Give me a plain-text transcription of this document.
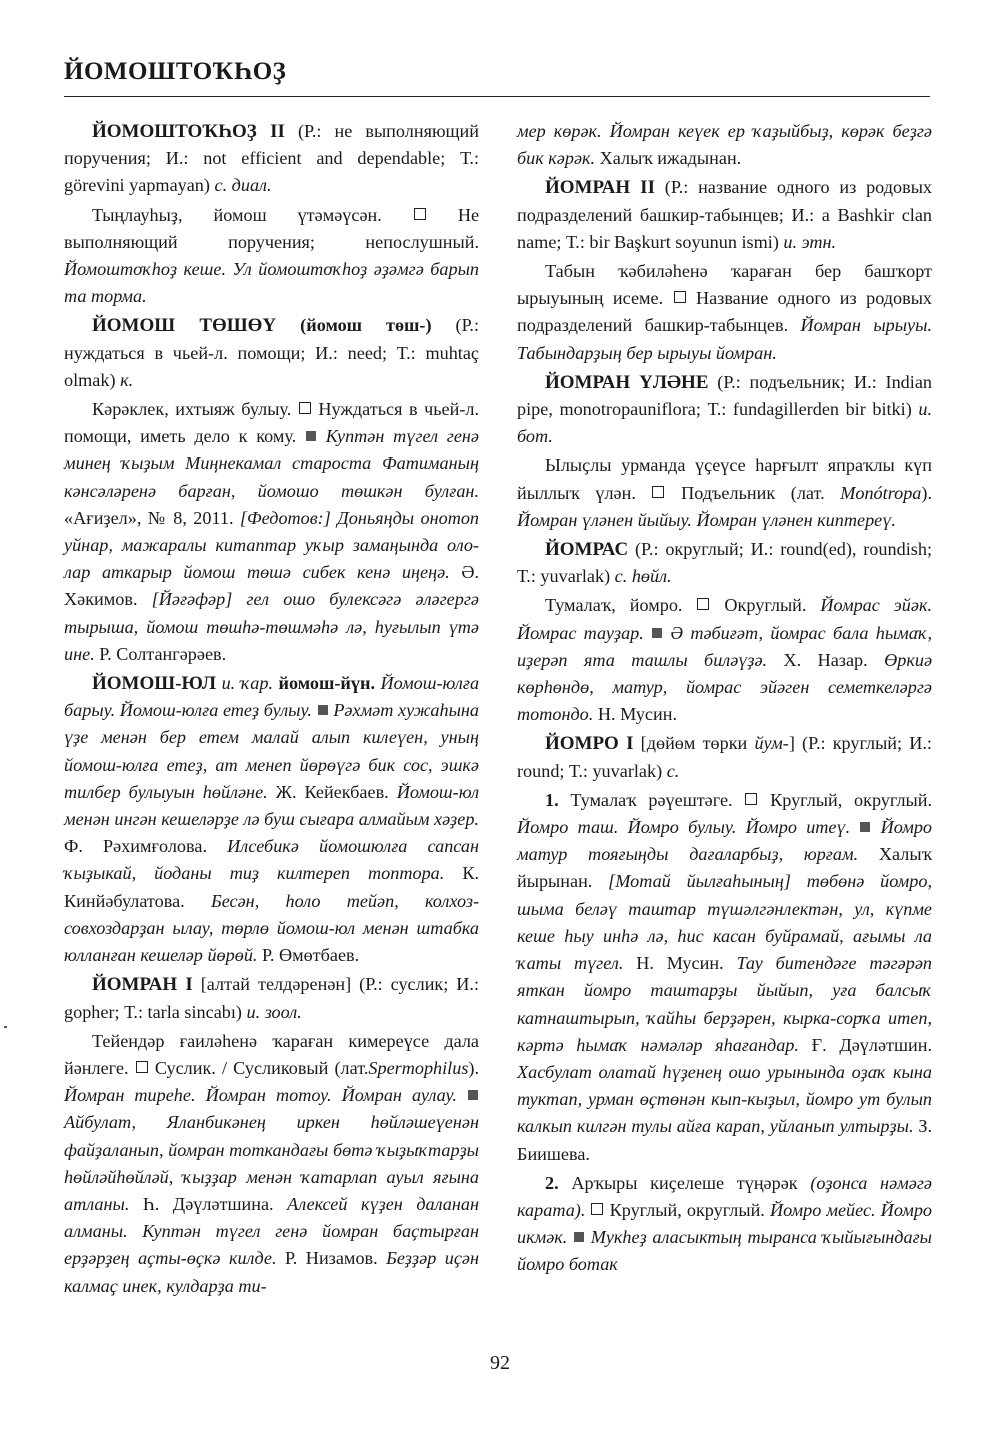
ЙОМОШТОҠҺОҘ

ЙОМОШТОҠҺОҘ II (Р.: не выполняющий поручения; И.: not efficient and dependable; Т.: görevini yapmayan) с. диал.

Тыңлауһыҙ, йомош үтәмәүсән.	Не выполняющий поручения; непослушный. Йомоштоҡһоҙ кеше. Ул йомоштоҡһоҙ әҙәмгә барып та торма.

ЙОМОШ ТӨШӨҮ (йомош төш-) (Р.: нуждаться в чьей-л. помощи; И.: need; Т.: muhtaç olmak) к.

Кәрәклек, ихтыяж булыу. Нуждаться в чьей-л. помощи, иметь дело к кому. Куптән түгел генә минең ҡыҙым Миңнекамал староста Фатиманың кәнсәләренә барған, йомошо төшкән булған. «Ағиҙел», № 8, 2011. [Федотов:] Доньяңды онотоп уйнар, мажаралы китаптар уҡыр замаңында оло-лар аткарыр йомош төшә сибек кенә иңеңә. Ә. Хәкимов. [Йәғәфәр] гел ошо булексәгә әләгергә тырыша, йомош төшһә-төшмәһә лә, һуғылып үтә ине. Р. Солтангәрәев.

ЙОМОШ-ЮЛ и. ҡар. йомош-йүн. Йомош-юлға барыу. Йомош-юлға етеҙ булыу. Рәхмәт хужаһына үҙе менән бер етем малай алып килеүен, уның йомош-юлға етеҙ, ат менеп йөрөүгә бик сос, эшкә тилбер булыуын һөйләне. Ж. Кейекбаев. Йомош-юл менән ингән кешеләрҙе лә буш сығара алмайым хәҙер. Ф. Рәхимғолова. Илсебикә йомошюлға сапсан ҡыҙыкай, йоданы тиҙ килтереп топтора. К. Кинйәбулатова. Бесән, һоло тейәп, колхоз-совхоздарҙан ылау, төрлө йомош-юл менән штабка юлланған кешеләр йөрөй. Р. Өмөтбаев.

ЙОМРАН I [алтай телдәренән] (Р.: суслик; И.: gopher; Т.: tarla sincabı) и. зоол.

Тейендәр ғаиләһенә ҡараған кимереүсе дала йәнлеге. Суслик. / Сусликовый (лат.Spermophilus). Йомран тиреһе. Йомран тотоу. Йомран аулау.  Айбулат, Яланбикәнең иркен һөйләшеүенән файҙаланып, йомран тоткандағы бөтә ҡыҙыҡтарҙы һөйләйһөйләй, ҡыҙҙар менән ҡатарлап ауыл яғына атланы. Һ. Дәүләтшина. Алексей күҙен даланан алманы. Куптән түгел генә йомран баҫтырған ерҙәрҙең аҫты-өҫкә килде. Р. Низамов. Беҙҙәр иҫән калмаҫ инек, кулдарҙа ти-

мер көрәк. Йомран кеүек ер ҡаҙыйбыҙ, көрәк беҙгә бик кәрәк. Халыҡ ижадынан.

ЙОМРАН II (Р.: название одного из родовых подразделений башкир-табынцев; И.: a Bashkir clan name; Т.: bir Başkurt soyunun ismi) и. этн.

Табын ҡәбиләһенә ҡараған бер башҡорт ырыуының исеме. Название одного из родовых подразделений башкир-табынцев. Йомран ырыуы. Табындарҙың бер ырыуы йомран.

ЙОМРАН ҮЛӘНЕ (Р.: подъельник; И.: Indian pipe, monotropauniflora; Т.: fundagillerden bir bitki) и. бот.

Ылыҫлы урманда үҫеүсе һарғылт япраҡлы күп йыллыҡ үлән. Подъельник (лат. Monótropa). Йомран үләнен йыйыу. Йомран үләнен киптереү.

ЙОМРАС (Р.: округлый; И.: round(ed), roundish; Т.: yuvarlak) с. һөйл.

Тумалаҡ, йомро. Округлый. Йомрас эйәк. Йомрас тауҙар. Ә тәбиғәт, йомрас бала һымаҡ, иҙерәп ята ташлы биләүҙә. Х. Назар. Өркиә көрһөндө, матур, йомрас эйәген семеткеләргә тотондо. Н. Мусин.

ЙОМРО I [дөйөм төрки йум-] (Р.: круглый; И.: round; Т.: yuvarlak) с.

1. Тумалаҡ рәүештәге. Круглый, округлый. Йомро таш. Йомро булыу. Йомро итеү. Йомро матур тояғыңды дағаларбыҙ, юрғам. Халыҡ йырынан. [Мотай йылғаһының] төбөнә йомро, шыма беләү таштар түшәлгәнлектән, ул, күпме кеше һыу инһә лә, һис касан буйрамай, ағымы ла ҡаты түгел. Н. Мусин. Тау битендәге тәгәрәп яткан йомро таштарҙы йыйып, уға балсыҡ катнаштырып, ҡайһы берҙәрен, кырка-сорҡа итеп, кәртә һымаҡ нәмәләр яһағандар. Ғ. Дәүләтшин. Хасбулат олатай һүҙенең ошо урынында оҙаҡ кына туктап, урман өҫтөнән кып-кыҙыл, йомро ут булып калкып килгән тулы айға карап, уйланып ултырҙы. З. Биишева.

2. Арҡыры киҫелеше түңәрәк (оҙонса нәмәгә карата). Круглый, округлый. Йомро мейес. Йомро икмәк. Мукһеҙ аласыктың тыранса ҡыйығындағы йомро ботак

92
